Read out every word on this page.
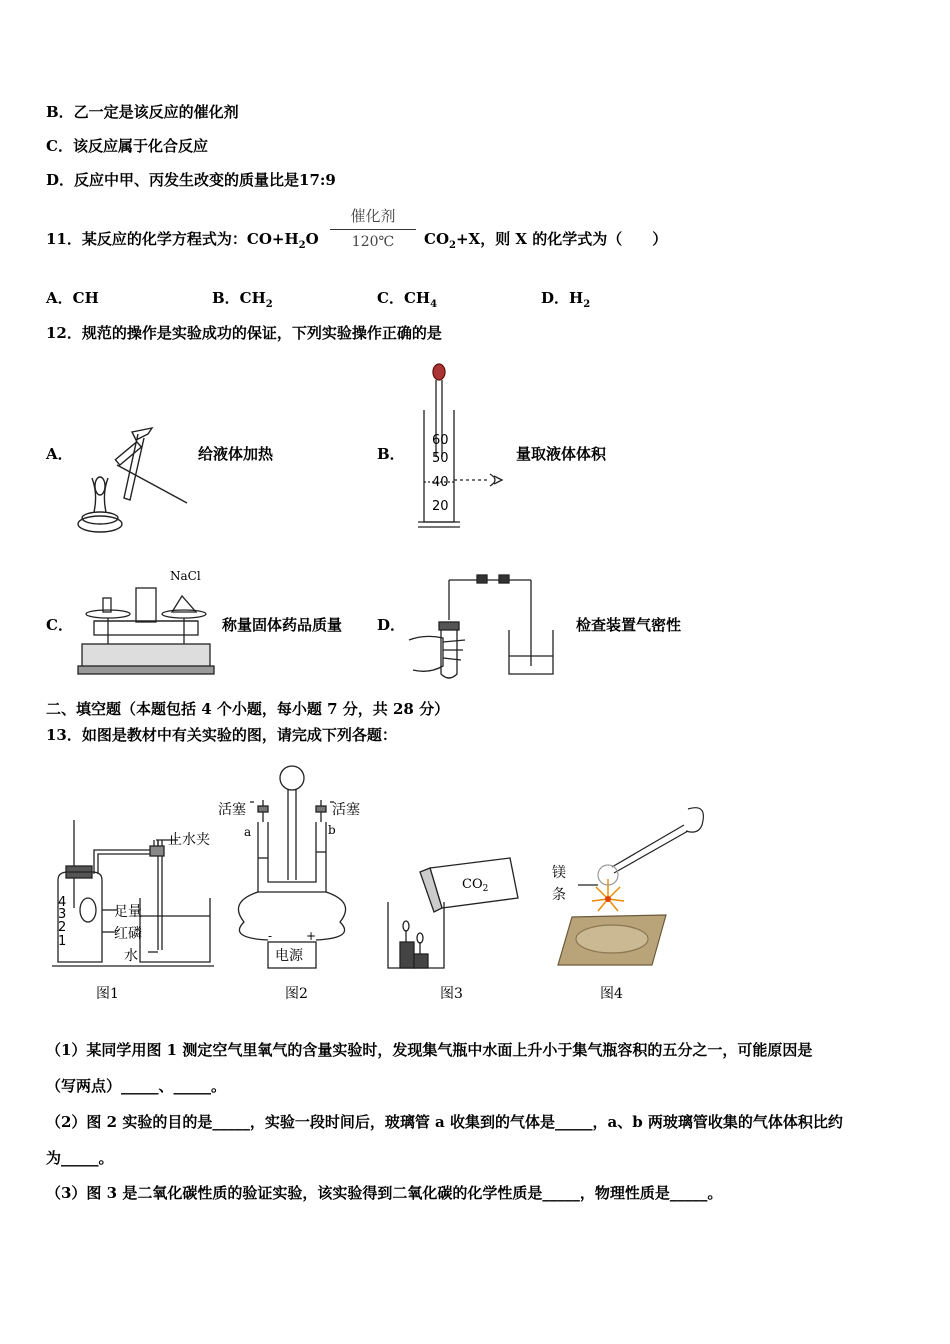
B．乙一定是该反应的催化剂
C．该反应属于化合反应
D．反应中甲、丙发生改变的质量比是17:9
11．某反应的化学方程式为：$CO+H_2O$
催化剂
120℃	$CO_2+X$，则 X 的化学式为（　　）
A．CH	B．$CH_2$	C．$CH_4$	D．$H_2$
12．规范的操作是实验成功的保证，下列实验操作正确的是
A．	给液体加热	B．
60
50
40
20
量取液体体积
C．
NaCl
称量固体药品质量 D．	检查装置气密性
二、填空题（本题包括 4 个小题，每小题 7 分，共 28 分）
13．如图是教材中有关实验的图，请完成下列各题：
4
3
2
1
止水夹
足量
红磷
水
图1
活塞	活塞
a	b
-	+
电源
图2
$CO_2$
图3
镁
条
图4
（1）某同学用图 1 测定空气里氧气的含量实验时，发现集气瓶中水面上升小于集气瓶容积的五分之一，可能原因是
（写两点）_____、_____。
（2）图 2 实验的目的是_____，实验一段时间后，玻璃管 a 收集到的气体是_____，a、b 两玻璃管收集的气体体积比约
为_____。
（3）图 3 是二氧化碳性质的验证实验，该实验得到二氧化碳的化学性质是_____，物理性质是_____。
